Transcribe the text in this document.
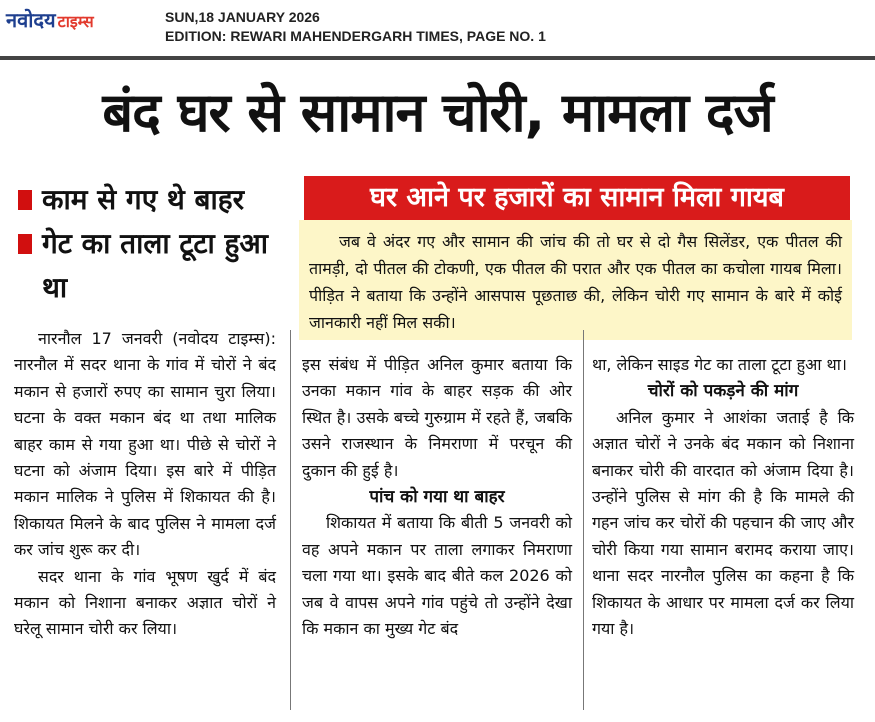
नवोदय टाइम्स	SUN,18 JANUARY 2026
EDITION: REWARI MAHENDERGARH TIMES, PAGE NO. 1
बंद घर से सामान चोरी, मामला दर्ज
काम से गए थे बाहर
गेट का ताला टूटा हुआ था
घर आने पर हजारों का सामान मिला गायब

जब वे अंदर गए और सामान की जांच की तो घर से दो गैस सिलेंडर, एक पीतल की तामड़ी, दो पीतल की टोकणी, एक पीतल की परात और एक पीतल का कचोला गायब मिला। पीड़ित ने बताया कि उन्होंने आसपास पूछताछ की, लेकिन चोरी गए सामान के बारे में कोई जानकारी नहीं मिल सकी।

नारनौल 17 जनवरी (नवोदय टाइम्स): नारनौल में सदर थाना के गांव में चोरों ने बंद मकान से हजारों रुपए का सामान चुरा लिया। घटना के वक्त मकान बंद था तथा मालिक बाहर काम से गया हुआ था। पीछे से चोरों ने घटना को अंजाम दिया। इस बारे में पीड़ित मकान मालिक ने पुलिस में शिकायत की है। शिकायत मिलने के बाद पुलिस ने मामला दर्ज कर जांच शुरू कर दी।

सदर थाना के गांव भूषण खुर्द में बंद मकान को निशाना बनाकर अज्ञात चोरों ने घरेलू सामान चोरी कर लिया।

इस संबंध में पीड़ित अनिल कुमार बताया कि उनका मकान गांव के बाहर सड़क की ओर स्थित है। उसके बच्चे गुरुग्राम में रहते हैं, जबकि उसने राजस्थान के निमराणा में परचून की दुकान की हुई है।

पांच को गया था बाहर

शिकायत में बताया कि बीती 5 जनवरी को वह अपने मकान पर ताला लगाकर निमराणा चला गया था। इसके बाद बीते कल 2026 को जब वे वापस अपने गांव पहुंचे तो उन्होंने देखा कि मकान का मुख्य गेट बंद

था, लेकिन साइड गेट का ताला टूटा हुआ था।

चोरों को पकड़ने की मांग

अनिल कुमार ने आशंका जताई है कि अज्ञात चोरों ने उनके बंद मकान को निशाना बनाकर चोरी की वारदात को अंजाम दिया है। उन्होंने पुलिस से मांग की है कि मामले की गहन जांच कर चोरों की पहचान की जाए और चोरी किया गया सामान बरामद कराया जाए। थाना सदर नारनौल पुलिस का कहना है कि शिकायत के आधार पर मामला दर्ज कर लिया गया है।
